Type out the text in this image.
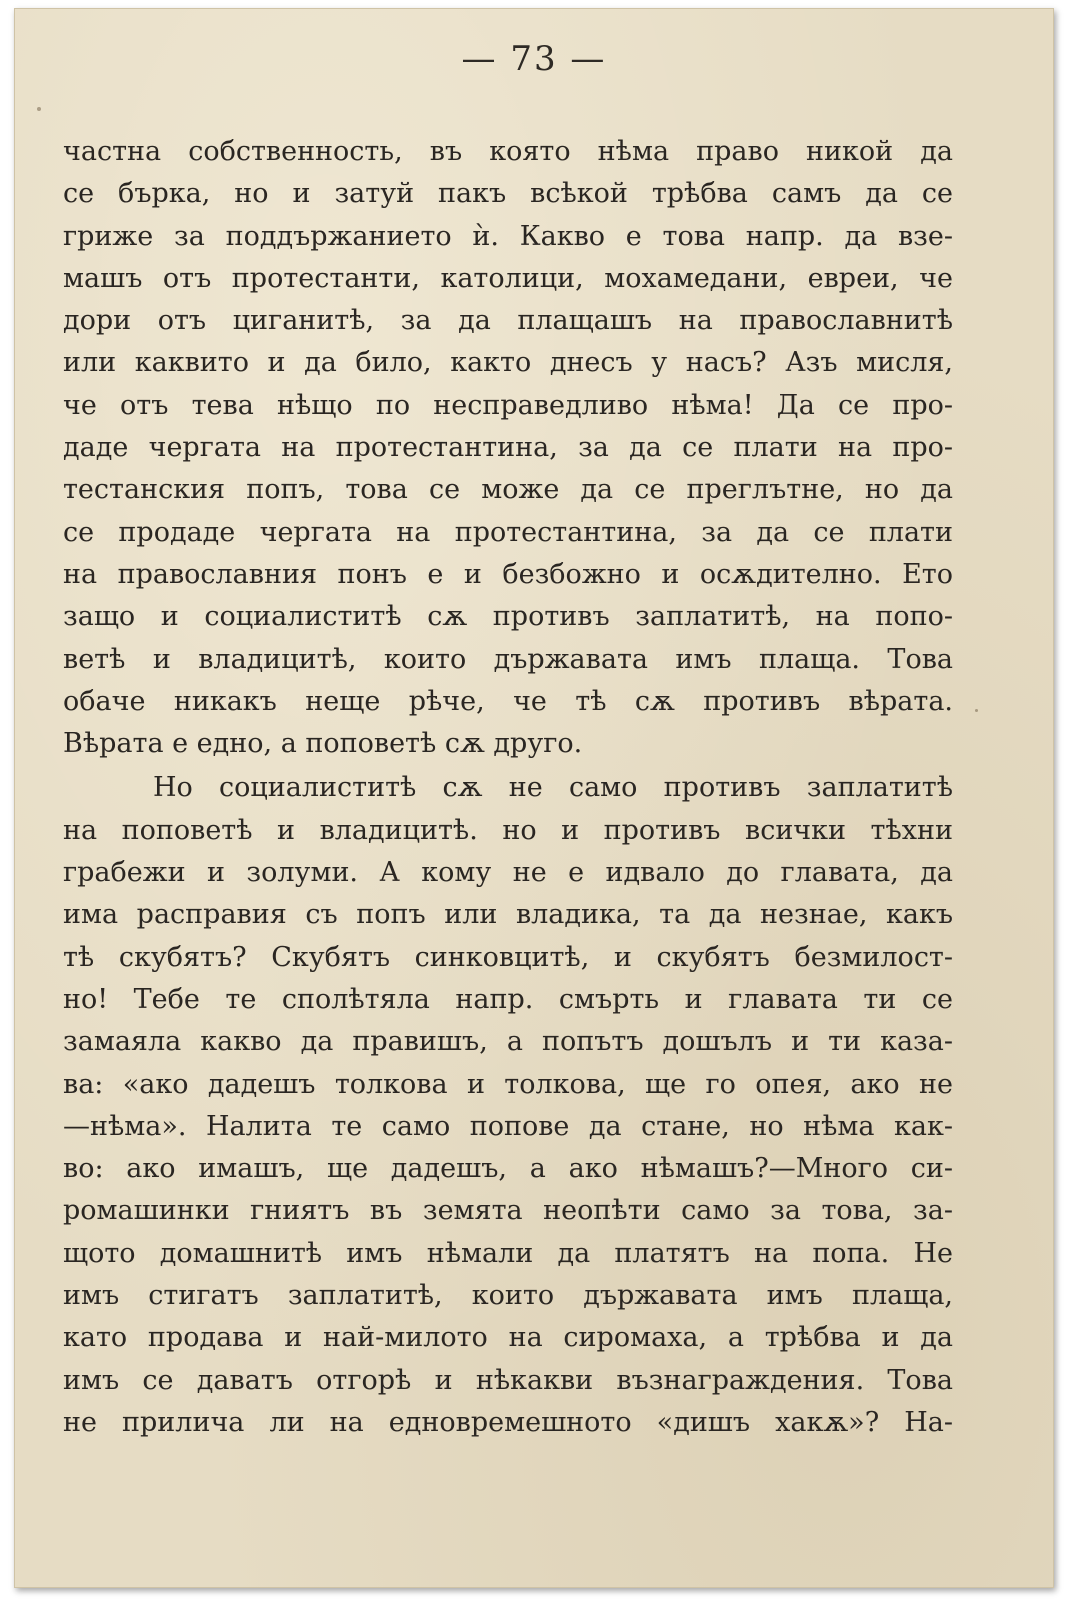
— 73 —
частна собственность, въ която нѣма право никой да
се бърка, но и затуй пакъ всѣкой трѣбва самъ да се
грижe за поддържанието ѝ. Какво е това напр. да взе-
машъ отъ протестанти, католици, мохамедани, евреи, че
дори отъ циганитѣ, за да плащашъ на православнитѣ
или каквито и да било, както днесъ у насъ? Азъ мисля,
че отъ тева нѣщо по несправедливо нѣма! Да се про-
даде чергата на протестантина, за да се плати на про-
тестанския попъ, това се може да се преглътне, но да
се продаде чергата на протестантина, за да се плати
на православния понъ е и безбожно и осѫдително. Ето
защо и социалиститѣ сѫ противъ заплатитѣ, на попо-
ветѣ и владицитѣ, които държавата имъ плаща. Това
обаче никакъ неще рѣче, че тѣ сѫ противъ вѣрата.
Вѣрата е едно, а поповетѣ сѫ друго.
Но социалиститѣ сѫ не само противъ заплатитѣ
на поповетѣ и владицитѣ. но и противъ всички тѣхни
грабежи и золуми. А кому не е идвало до главата, да
има расправия съ попъ или владика, та да незнае, какъ
тѣ скубятъ? Скубятъ синковцитѣ, и скубятъ безмилост-
но! Тебе те сполѣтяла напр. смърть и главата ти се
замаяла какво да правишъ, а попътъ дошълъ и ти каза-
ва: «ако дадешъ толкова и толкова, ще го опея, ако не
—нѣма». Налита те само попове да стане, но нѣма как-
во: ако имашъ, ще дадешъ, а ако нѣмашъ?—Много си-
ромашинки гниятъ въ земята неопѣти само за това, за-
щото домашнитѣ имъ нѣмали да платятъ на попа. Не
имъ стигатъ заплатитѣ, които държавата имъ плаща,
като продава и най-милото на сиромаха, а трѣбва и да
имъ се даватъ отгорѣ и нѣкакви възнаграждения. Това
не прилича ли на едновремешното «дишъ хакѫ»? На-
